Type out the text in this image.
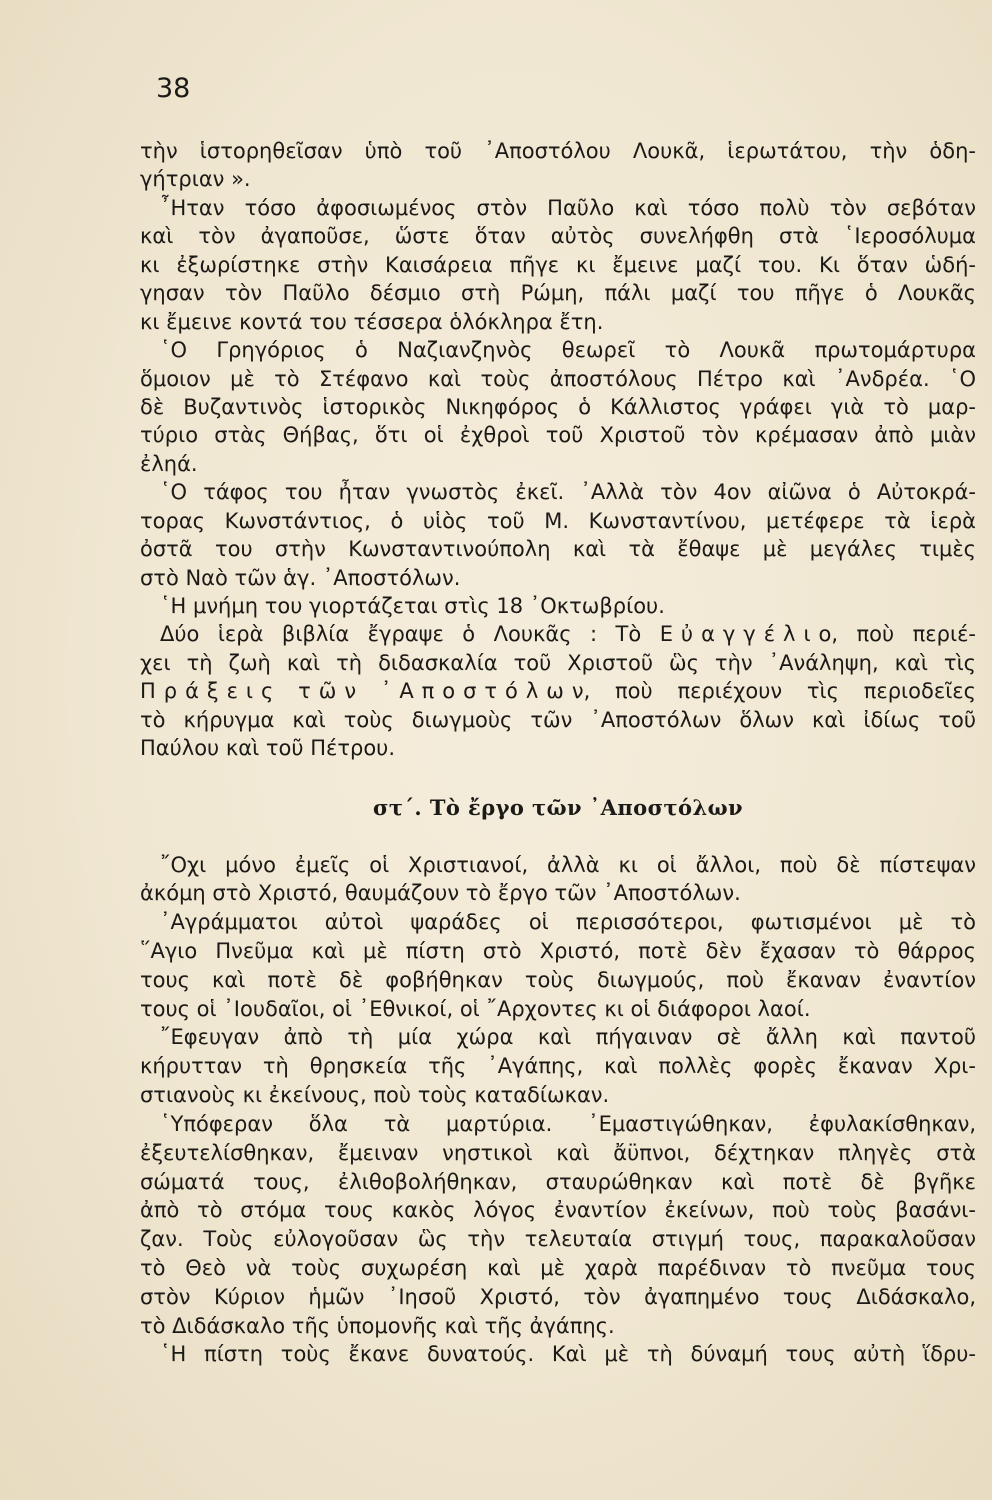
38
τὴν ἱστορηθεῖσαν ὑπὸ τοῦ ᾿Αποστόλου Λουκᾶ, ἱερωτάτου, τὴν ὁδη-
γήτριαν ».
῏Ηταν τόσο ἀφοσιωμένος στὸν Παῦλο καὶ τόσο πολὺ τὸν σεβόταν
καὶ τὸν ἀγαποῦσε, ὥστε ὅταν αὐτὸς συνελήφθη στὰ ῾Ιεροσόλυμα
κι ἐξωρίστηκε στὴν Καισάρεια πῆγε κι ἔμεινε μαζί του. Κι ὅταν ὡδή-
γησαν τὸν Παῦλο δέσμιο στὴ Ρώμη, πάλι μαζί του πῆγε ὁ Λουκᾶς
κι ἔμεινε κοντά του τέσσερα ὁλόκληρα ἔτη.
῾Ο Γρηγόριος ὁ Ναζιανζηνὸς θεωρεῖ τὸ Λουκᾶ πρωτομάρτυρα
ὅμοιον μὲ τὸ Στέφανο καὶ τοὺς ἀποστόλους Πέτρο καὶ ᾿Ανδρέα. ῾Ο
δὲ Βυζαντινὸς ἱστορικὸς Νικηφόρος ὁ Κάλλιστος γράφει γιὰ τὸ μαρ-
τύριο στὰς Θήβας, ὅτι οἱ ἐχθροὶ τοῦ Χριστοῦ τὸν κρέμασαν ἀπὸ μιὰν
ἐληά.
῾Ο τάφος του ἦταν γνωστὸς ἐκεῖ. ᾿Αλλὰ τὸν 4ον αἰῶνα ὁ Αὐτοκρά-
τορας Κωνστάντιος, ὁ υἱὸς τοῦ Μ. Κωνσταντίνου, μετέφερε τὰ ἱερὰ
ὀστᾶ του στὴν Κωνσταντινούπολη καὶ τὰ ἔθαψε μὲ μεγάλες τιμὲς
στὸ Ναὸ τῶν ἁγ. ᾿Αποστόλων.
῾Η μνήμη του γιορτάζεται στὶς 18 ᾿Οκτωβρίου.
Δύο ἱερὰ βιβλία ἔγραψε ὁ Λουκᾶς : Τὸ Εὐαγγέλιο, ποὺ περιέ-
χει τὴ ζωὴ καὶ τὴ διδασκαλία τοῦ Χριστοῦ ὣς τὴν ᾿Ανάληψη, καὶ τὶς
Πράξεις τῶν ᾿Αποστόλων, ποὺ περιέχουν τὶς περιοδεῖες
τὸ κήρυγμα καὶ τοὺς διωγμοὺς τῶν ᾿Αποστόλων ὅλων καὶ ἰδίως τοῦ
Παύλου καὶ τοῦ Πέτρου.
στ΄. Τὸ ἔργο τῶν ᾿Αποστόλων
῎Οχι μόνο ἐμεῖς οἱ Χριστιανοί, ἀλλὰ κι οἱ ἄλλοι, ποὺ δὲ πίστεψαν
ἀκόμη στὸ Χριστό, θαυμάζουν τὸ ἔργο τῶν ᾿Αποστόλων.
᾿Αγράμματοι αὐτοὶ ψαράδες οἱ περισσότεροι, φωτισμένοι μὲ τὸ
῞Αγιο Πνεῦμα καὶ μὲ πίστη στὸ Χριστό, ποτὲ δὲν ἔχασαν τὸ θάρρος
τους καὶ ποτὲ δὲ φοβήθηκαν τοὺς διωγμούς, ποὺ ἔκαναν ἐναντίον
τους οἱ ᾿Ιουδαῖοι, οἱ ᾿Εθνικοί, οἱ ῎Αρχοντες κι οἱ διάφοροι λαοί.
῎Εφευγαν ἀπὸ τὴ μία χώρα καὶ πήγαιναν σὲ ἄλλη καὶ παντοῦ
κήρυτταν τὴ θρησκεία τῆς ᾿Αγάπης, καὶ πολλὲς φορὲς ἔκαναν Χρι-
στιανοὺς κι ἐκείνους, ποὺ τοὺς καταδίωκαν.
῾Υπόφεραν ὅλα τὰ μαρτύρια. ᾿Εμαστιγώθηκαν, ἐφυλακίσθηκαν,
ἐξευτελίσθηκαν, ἔμειναν νηστικοὶ καὶ ἄϋπνοι, δέχτηκαν πληγὲς στὰ
σώματά τους, ἐλιθοβολήθηκαν, σταυρώθηκαν καὶ ποτὲ δὲ βγῆκε
ἀπὸ τὸ στόμα τους κακὸς λόγος ἐναντίον ἐκείνων, ποὺ τοὺς βασάνι-
ζαν. Τοὺς εὐλογοῦσαν ὣς τὴν τελευταία στιγμή τους, παρακαλοῦσαν
τὸ Θεὸ νὰ τοὺς συχωρέση καὶ μὲ χαρὰ παρέδιναν τὸ πνεῦμα τους
στὸν Κύριον ἡμῶν ᾿Ιησοῦ Χριστό, τὸν ἀγαπημένο τους Διδάσκαλο,
τὸ Διδάσκαλο τῆς ὑπομονῆς καὶ τῆς ἀγάπης.
῾Η πίστη τοὺς ἔκανε δυνατούς. Καὶ μὲ τὴ δύναμή τους αὐτὴ ἵδρυ-
